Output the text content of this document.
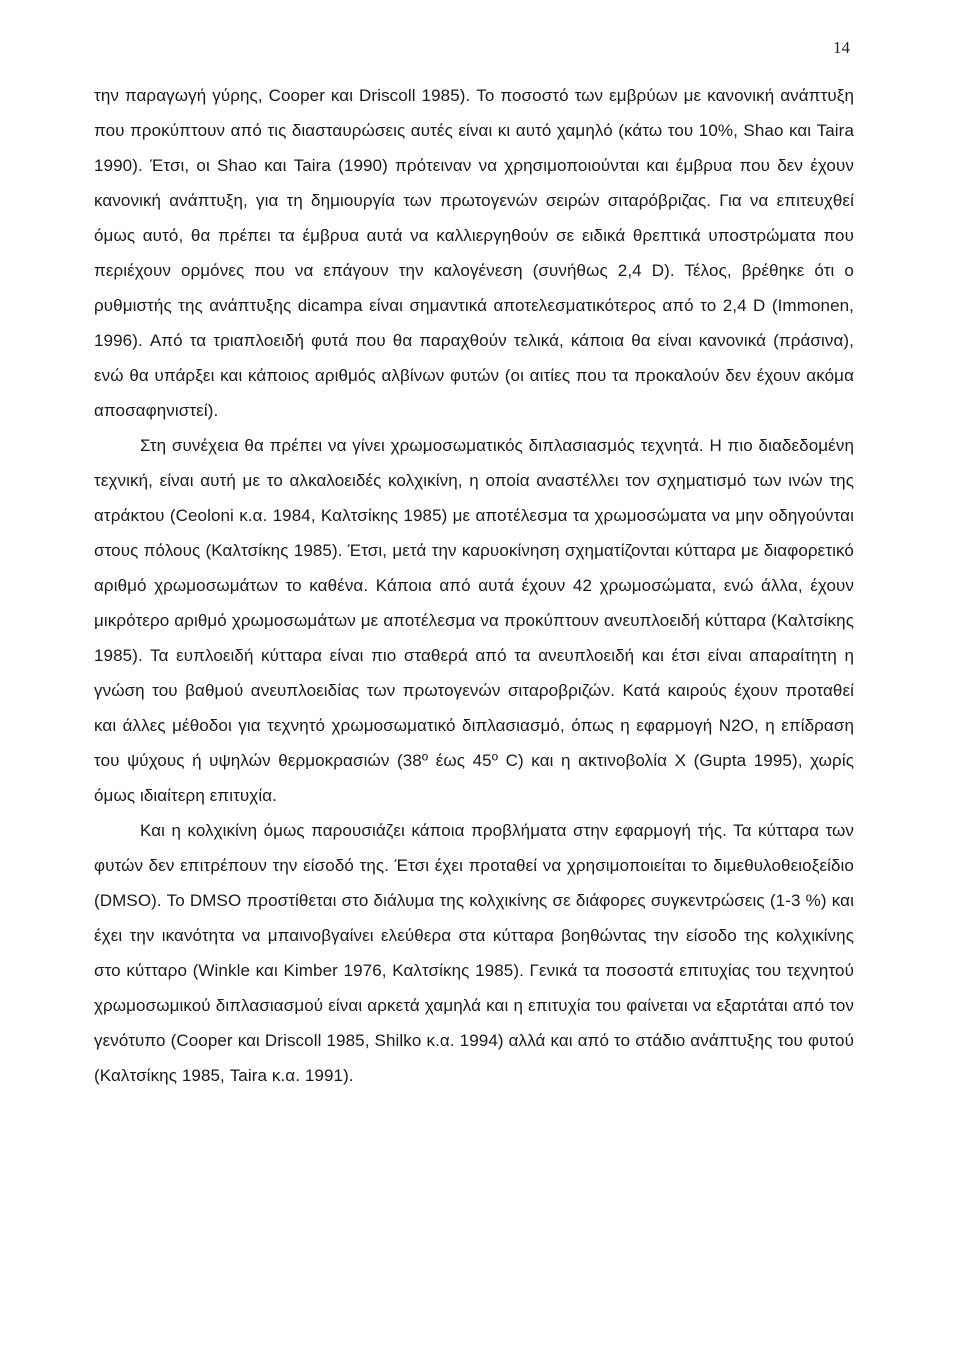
14

την παραγωγή γύρης, Cooper και Driscoll 1985). Το ποσοστό των εμβρύων με κανονική ανάπτυξη που προκύπτουν από τις διασταυρώσεις αυτές είναι κι αυτό χαμηλό (κάτω του 10%, Shao και Taira 1990). Έτσι, οι Shao και Taira (1990) πρότειναν να χρησιμοποιούνται και έμβρυα που δεν έχουν κανονική ανάπτυξη, για τη δημιουργία των πρωτογενών σειρών σιταρόβριζας. Για να επιτευχθεί όμως αυτό, θα πρέπει τα έμβρυα αυτά να καλλιεργηθούν σε ειδικά θρεπτικά υποστρώματα που περιέχουν ορμόνες που να επάγουν την καλογένεση (συνήθως 2,4 D). Τέλος, βρέθηκε ότι ο ρυθμιστής της ανάπτυξης dicampa είναι σημαντικά αποτελεσματικότερος από το 2,4 D (Immonen, 1996). Από τα τριαπλοειδή φυτά που θα παραχθούν τελικά, κάποια θα είναι κανονικά (πράσινα), ενώ θα υπάρξει και κάποιος αριθμός αλβίνων φυτών (οι αιτίες που τα προκαλούν δεν έχουν ακόμα αποσαφηνιστεί).

Στη συνέχεια θα πρέπει να γίνει χρωμοσωματικός διπλασιασμός τεχνητά. Η πιο διαδεδομένη τεχνική, είναι αυτή με το αλκαλοειδές κολχικίνη, η οποία αναστέλλει τον σχηματισμό των ινών της ατράκτου (Ceoloni κ.α. 1984, Καλτσίκης 1985) με αποτέλεσμα τα χρωμοσώματα να μην οδηγούνται στους πόλους (Καλτσίκης 1985). Έτσι, μετά την καρυοκίνηση σχηματίζονται κύτταρα με διαφορετικό αριθμό χρωμοσωμάτων το καθένα. Κάποια από αυτά έχουν 42 χρωμοσώματα, ενώ άλλα, έχουν μικρότερο αριθμό χρωμοσωμάτων με αποτέλεσμα να προκύπτουν ανευπλοειδή κύτταρα (Καλτσίκης 1985). Τα ευπλοειδή κύτταρα είναι πιο σταθερά από τα ανευπλοειδή και έτσι είναι απαραίτητη η γνώση του βαθμού ανευπλοειδίας των πρωτογενών σιταροβριζών. Κατά καιρούς έχουν προταθεί και άλλες μέθοδοι για τεχνητό χρωμοσωματικό διπλασιασμό, όπως η εφαρμογή N2O, η επίδραση του ψύχους ή υψηλών θερμοκρασιών (38º έως 45º C) και η ακτινοβολία X (Gupta 1995), χωρίς όμως ιδιαίτερη επιτυχία.

Και η κολχικίνη όμως παρουσιάζει κάποια προβλήματα στην εφαρμογή τής. Τα κύτταρα των φυτών δεν επιτρέπουν την είσοδό της. Έτσι έχει προταθεί να χρησιμοποιείται το διμεθυλοθειοξείδιο (DMSO). Το DMSO προστίθεται στο διάλυμα της κολχικίνης σε διάφορες συγκεντρώσεις (1-3 %) και έχει την ικανότητα να μπαινοβγαίνει ελεύθερα στα κύτταρα βοηθώντας την είσοδο της κολχικίνης στο κύτταρο (Winkle και Kimber 1976, Καλτσίκης 1985). Γενικά τα ποσοστά επιτυχίας του τεχνητού χρωμοσωμικού διπλασιασμού είναι αρκετά χαμηλά και η επιτυχία του φαίνεται να εξαρτάται από τον γενότυπο (Cooper και Driscoll 1985, Shilko κ.α. 1994) αλλά και από το στάδιο ανάπτυξης του φυτού (Καλτσίκης 1985, Taira κ.α. 1991).
